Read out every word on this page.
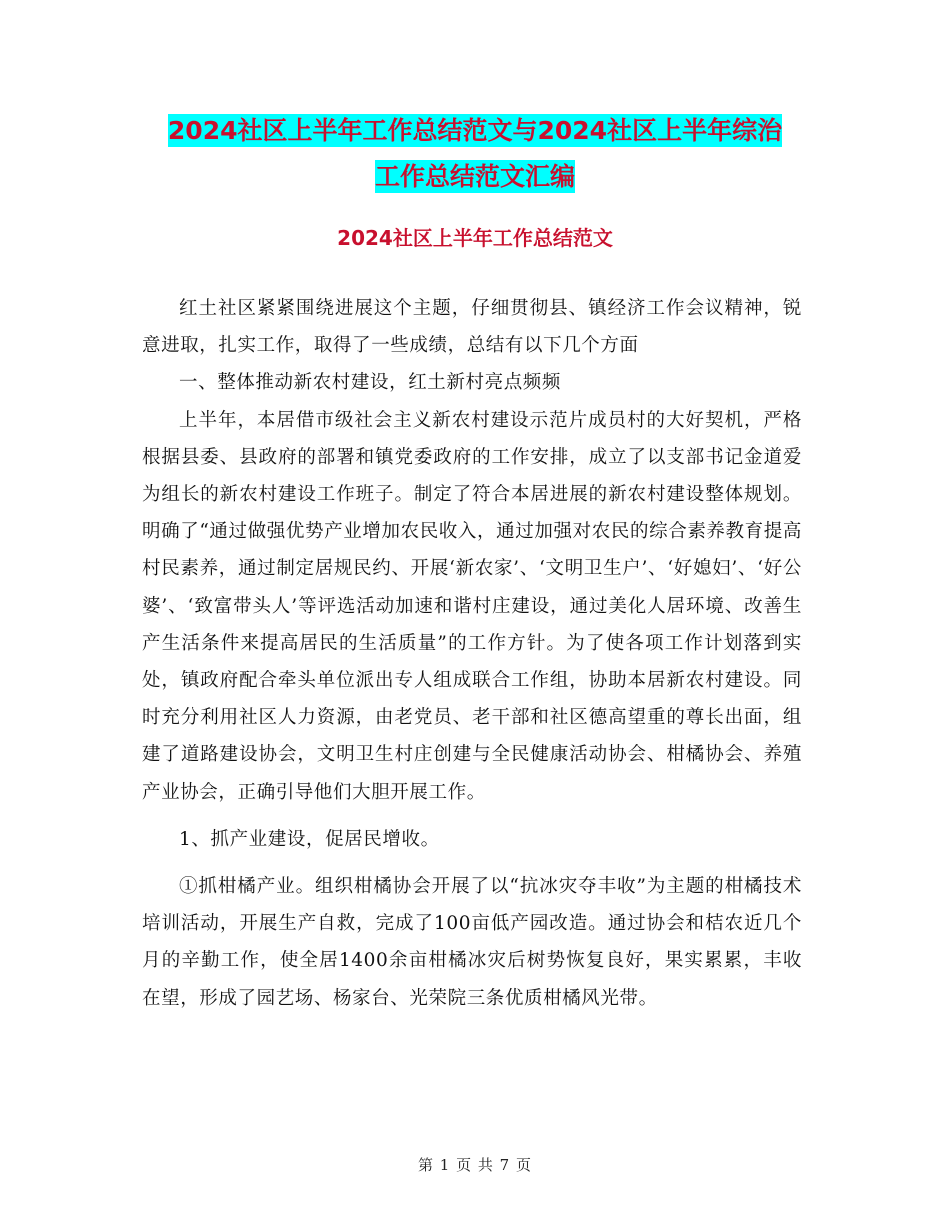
2024社区上半年工作总结范文与2024社区上半年综治
工作总结范文汇编
2024社区上半年工作总结范文

红土社区紧紧围绕进展这个主题，仔细贯彻县、镇经济工作会议精神，锐意进取，扎实工作，取得了一些成绩，总结有以下几个方面

一、整体推动新农村建设，红土新村亮点频频

上半年，本居借市级社会主义新农村建设示范片成员村的大好契机，严格根据县委、县政府的部署和镇党委政府的工作安排，成立了以支部书记金道爱为组长的新农村建设工作班子。制定了符合本居进展的新农村建设整体规划。明确了“通过做强优势产业增加农民收入，通过加强对农民的综合素养教育提高村民素养，通过制定居规民约、开展‘新农家’、‘文明卫生户’、‘好媳妇’、‘好公婆’、‘致富带头人’等评选活动加速和谐村庄建设，通过美化人居环境、改善生产生活条件来提高居民的生活质量”的工作方针。为了使各项工作计划落到实处，镇政府配合牵头单位派出专人组成联合工作组，协助本居新农村建设。同时充分利用社区人力资源，由老党员、老干部和社区德高望重的尊长出面，组建了道路建设协会，文明卫生村庄创建与全民健康活动协会、柑橘协会、养殖产业协会，正确引导他们大胆开展工作。

1、抓产业建设，促居民增收。

①抓柑橘产业。组织柑橘协会开展了以“抗冰灾夺丰收”为主题的柑橘技术培训活动，开展生产自救，完成了100亩低产园改造。通过协会和桔农近几个月的辛勤工作，使全居1400余亩柑橘冰灾后树势恢复良好，果实累累，丰收在望，形成了园艺场、杨家台、光荣院三条优质柑橘风光带。

第 1 页 共 7 页
